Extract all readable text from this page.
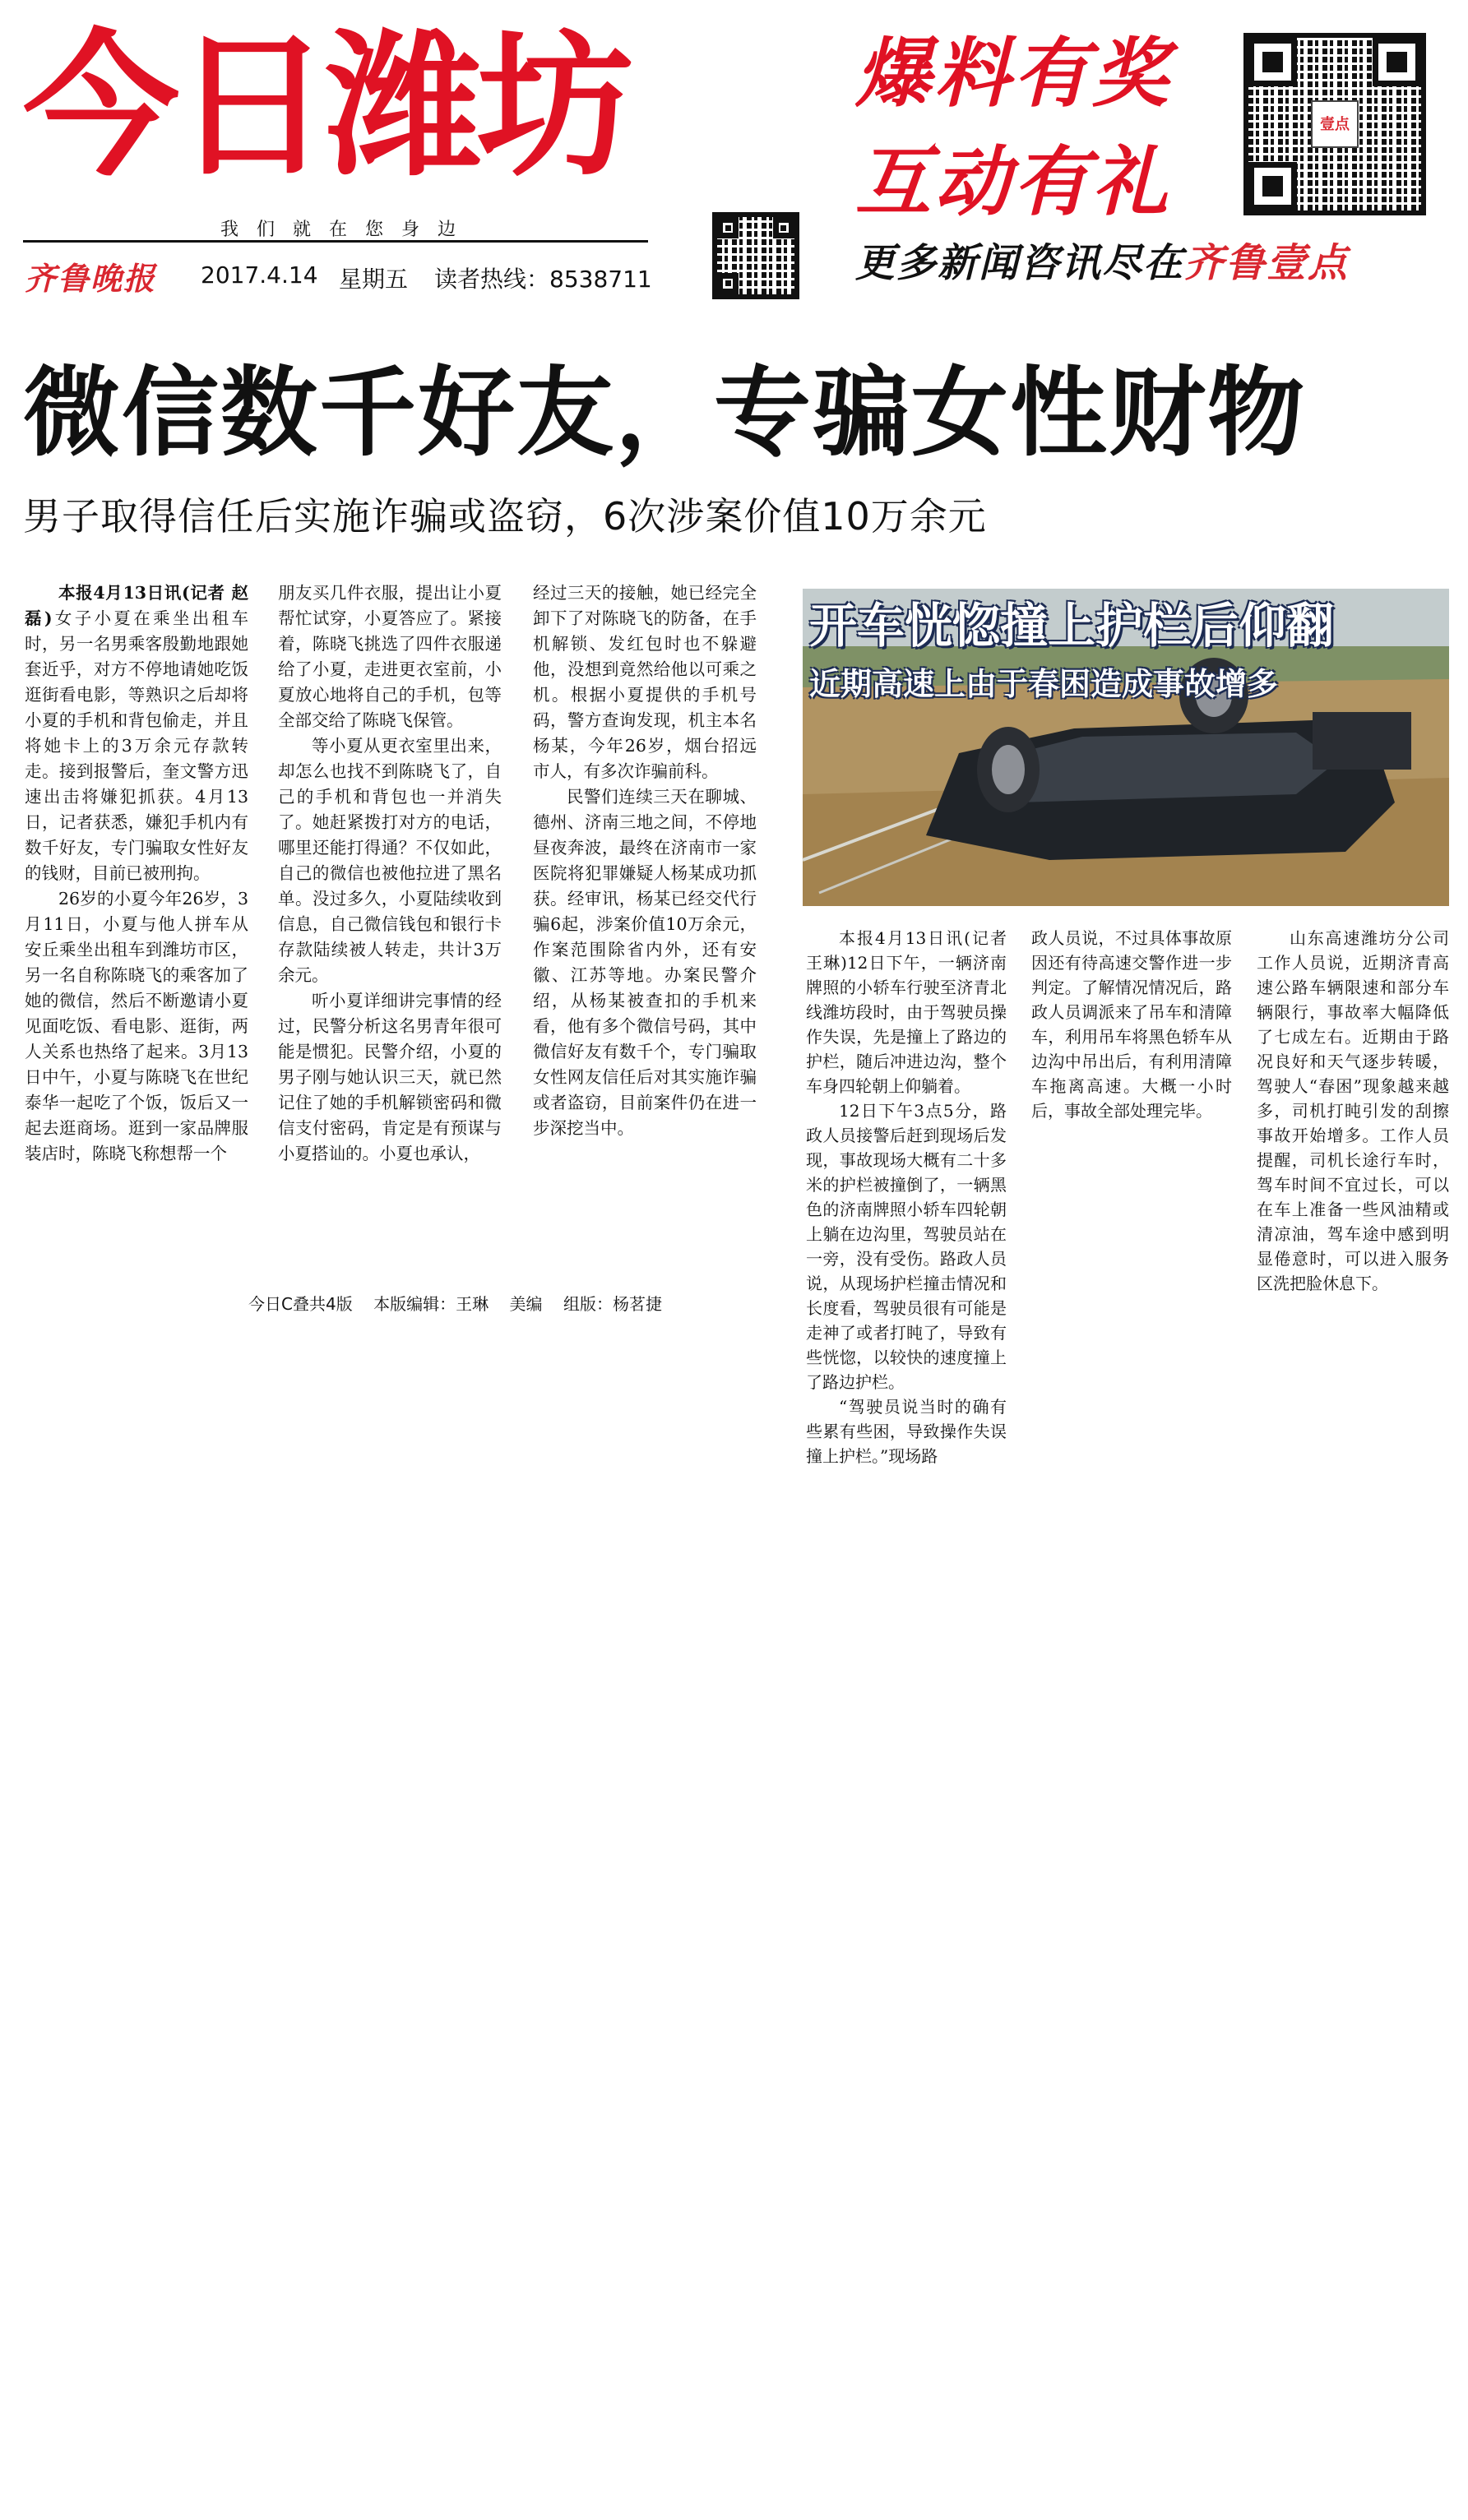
今日潍坊
我们就在您身边
齐鲁晚报 2017.4.14 星期五 读者热线：8538711
爆料有奖
互动有礼
更多新闻咨讯尽在齐鲁壹点
壹点
微信数千好友，专骗女性财物
男子取得信任后实施诈骗或盗窃，6次涉案价值10万余元

本报4月13日讯(记者 赵磊)女子小夏在乘坐出租车时，另一名男乘客殷勤地跟她套近乎，对方不停地请她吃饭逛街看电影，等熟识之后却将小夏的手机和背包偷走，并且将她卡上的3万余元存款转走。接到报警后，奎文警方迅速出击将嫌犯抓获。4月13日，记者获悉，嫌犯手机内有数千好友，专门骗取女性好友的钱财，目前已被刑拘。

26岁的小夏今年26岁，3月11日，小夏与他人拼车从安丘乘坐出租车到潍坊市区，另一名自称陈晓飞的乘客加了她的微信，然后不断邀请小夏见面吃饭、看电影、逛街，两人关系也热络了起来。3月13日中午，小夏与陈晓飞在世纪泰华一起吃了个饭，饭后又一起去逛商场。逛到一家品牌服装店时，陈晓飞称想帮一个

朋友买几件衣服，提出让小夏帮忙试穿，小夏答应了。紧接着，陈晓飞挑选了四件衣服递给了小夏，走进更衣室前，小夏放心地将自己的手机，包等全部交给了陈晓飞保管。

等小夏从更衣室里出来，却怎么也找不到陈晓飞了，自己的手机和背包也一并消失了。她赶紧拨打对方的电话，哪里还能打得通？不仅如此，自己的微信也被他拉进了黑名单。没过多久，小夏陆续收到信息，自己微信钱包和银行卡存款陆续被人转走，共计3万余元。

听小夏详细讲完事情的经过，民警分析这名男青年很可能是惯犯。民警介绍，小夏的男子刚与她认识三天，就已然记住了她的手机解锁密码和微信支付密码，肯定是有预谋与小夏搭讪的。小夏也承认，

经过三天的接触，她已经完全卸下了对陈晓飞的防备，在手机解锁、发红包时也不躲避他，没想到竟然给他以可乘之机。根据小夏提供的手机号码，警方查询发现，机主本名杨某，今年26岁，烟台招远市人，有多次诈骗前科。

民警们连续三天在聊城、德州、济南三地之间，不停地昼夜奔波，最终在济南市一家医院将犯罪嫌疑人杨某成功抓获。经审讯，杨某已经交代行骗6起，涉案价值10万余元，作案范围除省内外，还有安徽、江苏等地。办案民警介绍，从杨某被查扣的手机来看，他有多个微信号码，其中微信好友有数千个，专门骗取女性网友信任后对其实施诈骗或者盗窃，目前案件仍在进一步深挖当中。

开车恍惚撞上护栏后仰翻
近期高速上由于春困造成事故增多

本报4月13日讯(记者 王琳)12日下午，一辆济南牌照的小轿车行驶至济青北线潍坊段时，由于驾驶员操作失误，先是撞上了路边的护栏，随后冲进边沟，整个车身四轮朝上仰躺着。

12日下午3点5分，路政人员接警后赶到现场后发现，事故现场大概有二十多米的护栏被撞倒了，一辆黑色的济南牌照小轿车四轮朝上躺在边沟里，驾驶员站在一旁，没有受伤。路政人员说，从现场护栏撞击情况和长度看，驾驶员很有可能是走神了或者打盹了，导致有些恍惚，以较快的速度撞上了路边护栏。

“驾驶员说当时的确有些累有些困，导致操作失误撞上护栏。”现场路

政人员说，不过具体事故原因还有待高速交警作进一步判定。了解情况情况后，路政人员调派来了吊车和清障车，利用吊车将黑色轿车从边沟中吊出后，有利用清障车拖离高速。大概一小时后，事故全部处理完毕。

山东高速潍坊分公司工作人员说，近期济青高速公路车辆限速和部分车辆限行，事故率大幅降低了七成左右。近期由于路况良好和天气逐步转暖，驾驶人“春困”现象越来越多，司机打盹引发的刮擦事故开始增多。工作人员提醒，司机长途行车时，驾车时间不宜过长，可以在车上准备一些风油精或清凉油，驾车途中感到明显倦意时，可以进入服务区洗把脸休息下。

今日C叠共4版    本版编辑：王琳    美编    组版：杨茗捷
